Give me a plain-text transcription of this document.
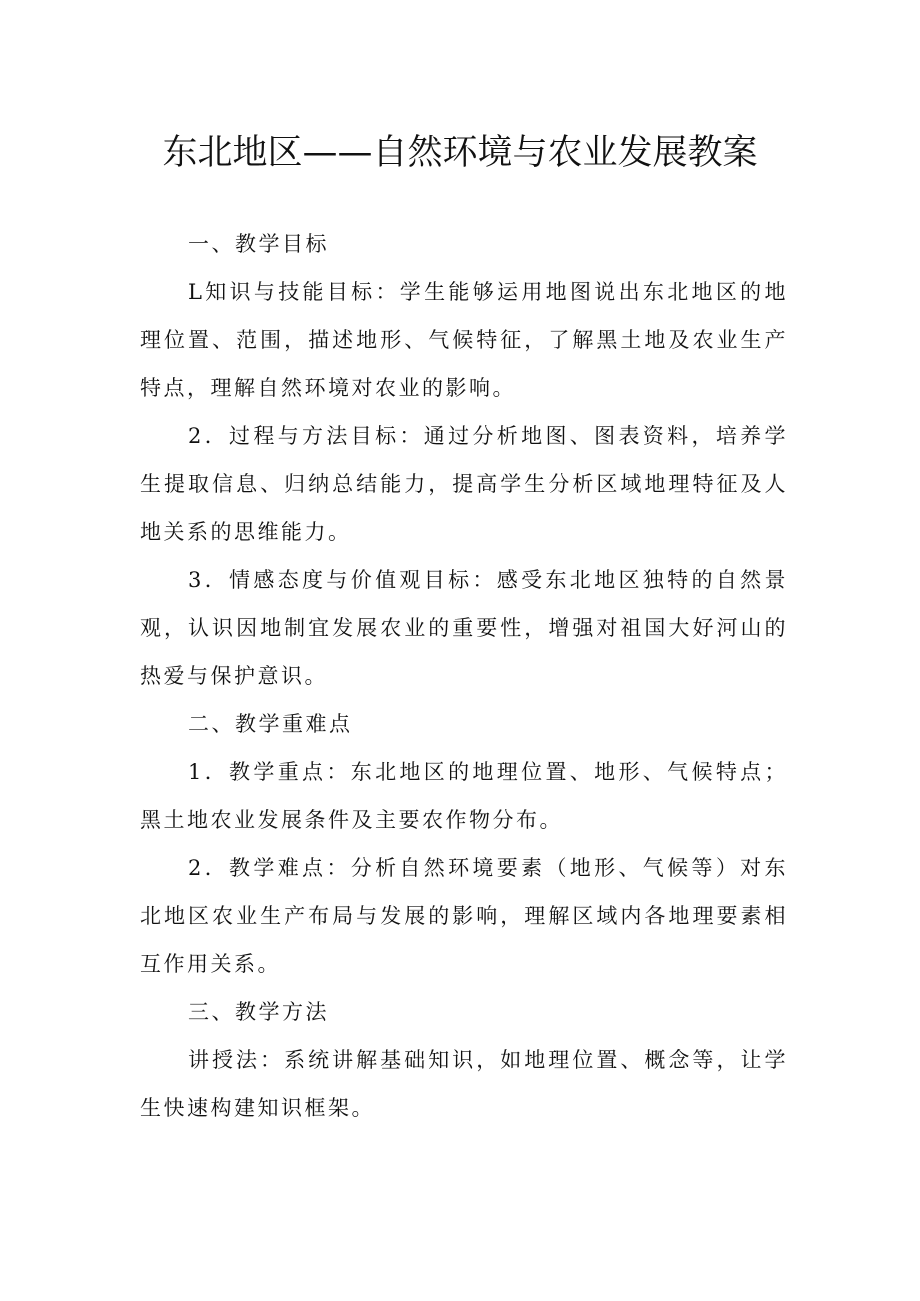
东北地区——自然环境与农业发展教案
一、教学目标

L知识与技能目标：学生能够运用地图说出东北地区的地理位置、范围，描述地形、气候特征，了解黑土地及农业生产特点，理解自然环境对农业的影响。

2．过程与方法目标：通过分析地图、图表资料，培养学生提取信息、归纳总结能力，提高学生分析区域地理特征及人地关系的思维能力。

3．情感态度与价值观目标：感受东北地区独特的自然景观，认识因地制宜发展农业的重要性，增强对祖国大好河山的热爱与保护意识。

二、教学重难点

1．教学重点：东北地区的地理位置、地形、气候特点；黑土地农业发展条件及主要农作物分布。

2．教学难点：分析自然环境要素（地形、气候等）对东北地区农业生产布局与发展的影响，理解区域内各地理要素相互作用关系。

三、教学方法

讲授法：系统讲解基础知识，如地理位置、概念等，让学生快速构建知识框架。
